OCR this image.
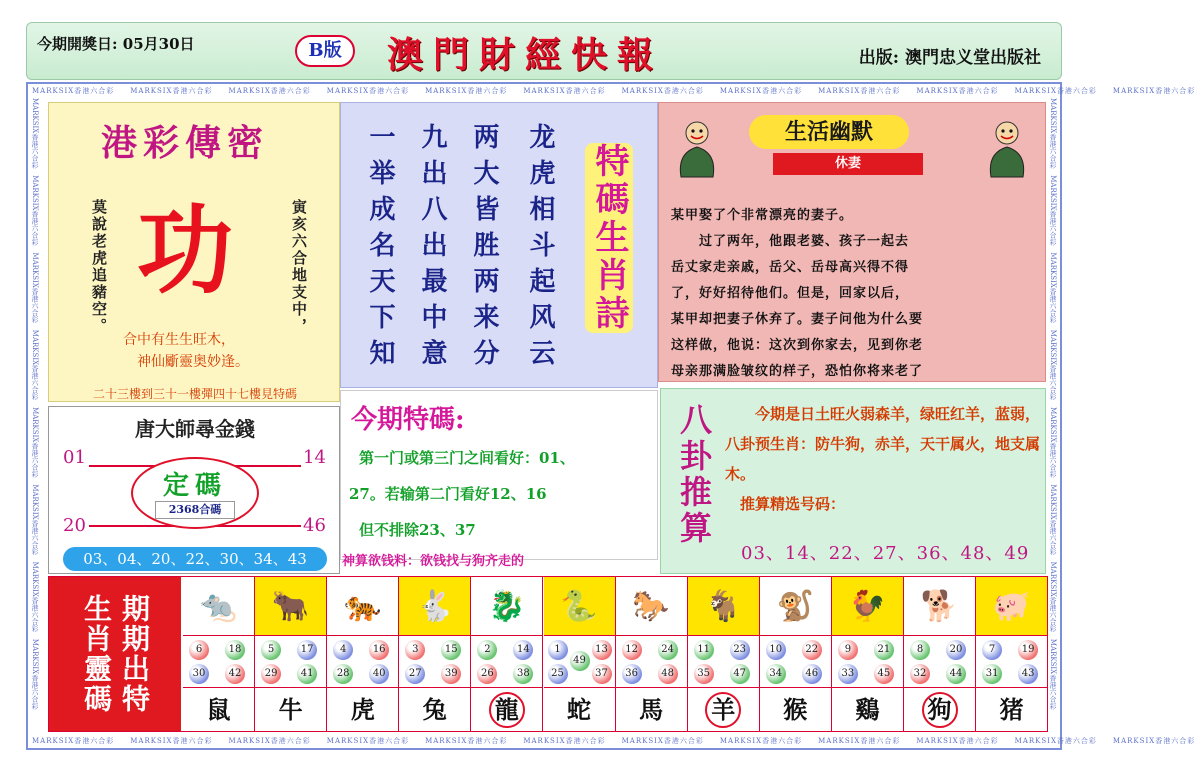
今期開獎日: 05月30日	B版	澳門財經快報	出版: 澳門忠义堂出版社
MARKSIX香港六合彩　　MARKSIX香港六合彩　　MARKSIX香港六合彩　　MARKSIX香港六合彩　　MARKSIX香港六合彩　　MARKSIX香港六合彩　　MARKSIX香港六合彩　　MARKSIX香港六合彩　　MARKSIX香港六合彩　　MARKSIX香港六合彩　　MARKSIX香港六合彩　　MARKSIX香港六合彩
MARKSIX香港六合彩　　MARKSIX香港六合彩　　MARKSIX香港六合彩　　MARKSIX香港六合彩　　MARKSIX香港六合彩　　MARKSIX香港六合彩　　MARKSIX香港六合彩　　MARKSIX香港六合彩　　MARKSIX香港六合彩　　MARKSIX香港六合彩　　MARKSIX香港六合彩　　MARKSIX香港六合彩
MARKSIX香港六合彩　MARKSIX香港六合彩　MARKSIX香港六合彩　MARKSIX香港六合彩　MARKSIX香港六合彩　MARKSIX香港六合彩　MARKSIX香港六合彩　MARKSIX香港六合彩	MARKSIX香港六合彩　MARKSIX香港六合彩　MARKSIX香港六合彩　MARKSIX香港六合彩　MARKSIX香港六合彩　MARKSIX香港六合彩　MARKSIX香港六合彩　MARKSIX香港六合彩
港彩傳密
莫說老虎追豬空。 功	寅亥六合地支中，
合中有生生旺木，
神仙斸靈奥妙逢。
二十三樓到三十一樓彈四十七樓見特碼
龙虎相斗起风云
两大皆胜两来分
九出八出最中意
一举成名天下知	特碼生肖詩
生活幽默
休妻
某甲娶了个非常漂亮的妻子。
　　过了两年，他跟老婆、孩子一起去
岳丈家走亲戚，岳父、岳母高兴得不得
了，好好招待他们。但是，回家以后，
某甲却把妻子休弃了。妻子问他为什么要
这样做，他说：这次到你家去，见到你老
母亲那满脸皱纹的样子，恐怕你将来老了
唐大師尋金錢
01	14
20	46
定碼
2368合碼
03、04、20、22、30、34、43
今期特碼:
第一门或第三门之间看好：01、
27。若输第二门看好12、16
但不排除23、37
神算欲钱料：欲钱找与狗齐走的
八卦推算 　　今期是日土旺火弱森羊，绿旺红羊，蓝弱，八卦预生肖：防牛狗，赤羊，天干属火，地支属木。
　推算精选号码：
03、14、22、27、36、48、49
生肖靈碼 期期出特	🐀
6	18
30	42
鼠
🐂
5	17
29	41
牛
🐅
4	16
28	40
虎
🐇
3	15
27	39
兔
🐉
2	14
26	38
龍
🐍
1	13
49
25	37
蛇
🐎
12	24
36	48
馬
🐐
11	23
35	47
羊
🐒
10	22
34	46
猴
🐓
9	21
33	45
鷄
🐕
8	20
32	44
狗
🐖
7	19
31	43
猪
